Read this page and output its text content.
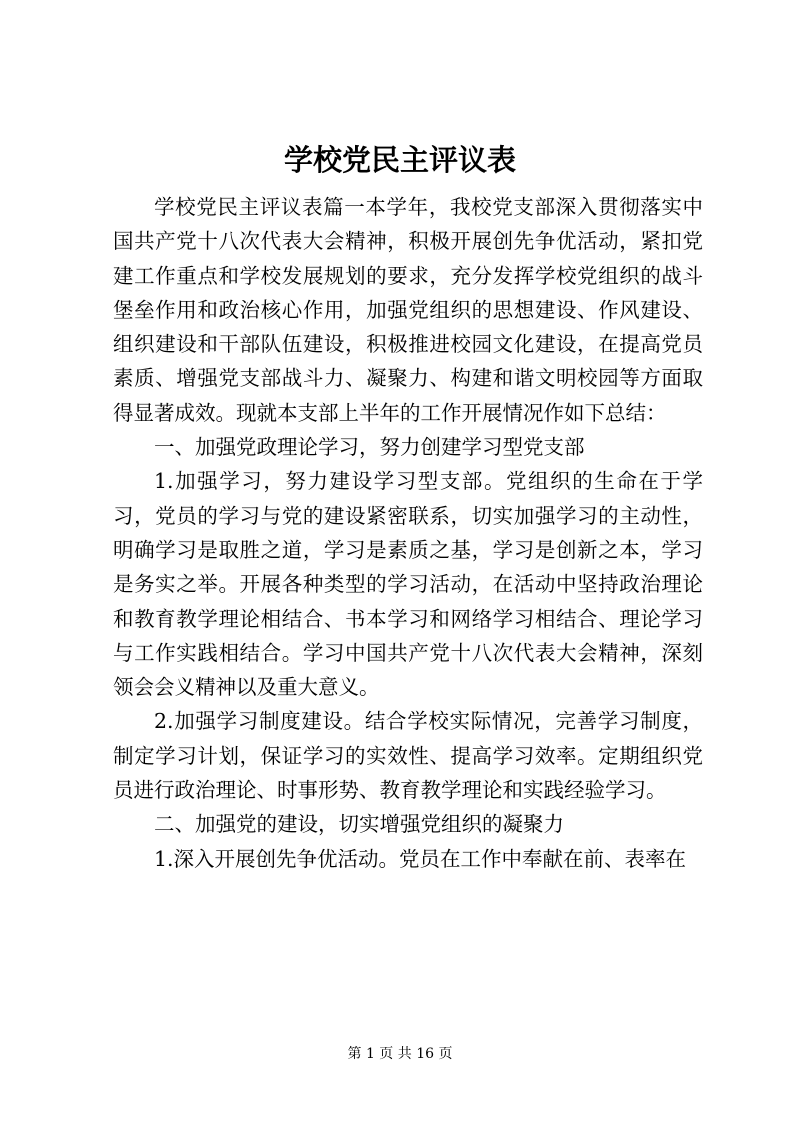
学校党民主评议表

学校党民主评议表篇一本学年，我校党支部深入贯彻落实中国共产党十八次代表大会精神，积极开展创先争优活动，紧扣党建工作重点和学校发展规划的要求，充分发挥学校党组织的战斗堡垒作用和政治核心作用，加强党组织的思想建设、作风建设、组织建设和干部队伍建设，积极推进校园文化建设，在提高党员素质、增强党支部战斗力、凝聚力、构建和谐文明校园等方面取得显著成效。现就本支部上半年的工作开展情况作如下总结：

一、加强党政理论学习，努力创建学习型党支部

1.加强学习，努力建设学习型支部。党组织的生命在于学习，党员的学习与党的建设紧密联系，切实加强学习的主动性，明确学习是取胜之道，学习是素质之基，学习是创新之本，学习是务实之举。开展各种类型的学习活动，在活动中坚持政治理论和教育教学理论相结合、书本学习和网络学习相结合、理论学习与工作实践相结合。学习中国共产党十八次代表大会精神，深刻领会会义精神以及重大意义。

2.加强学习制度建设。结合学校实际情况，完善学习制度，制定学习计划，保证学习的实效性、提高学习效率。定期组织党员进行政治理论、时事形势、教育教学理论和实践经验学习。

二、加强党的建设，切实增强党组织的凝聚力

1.深入开展创先争优活动。党员在工作中奉献在前、表率在

第 1 页 共 16 页
